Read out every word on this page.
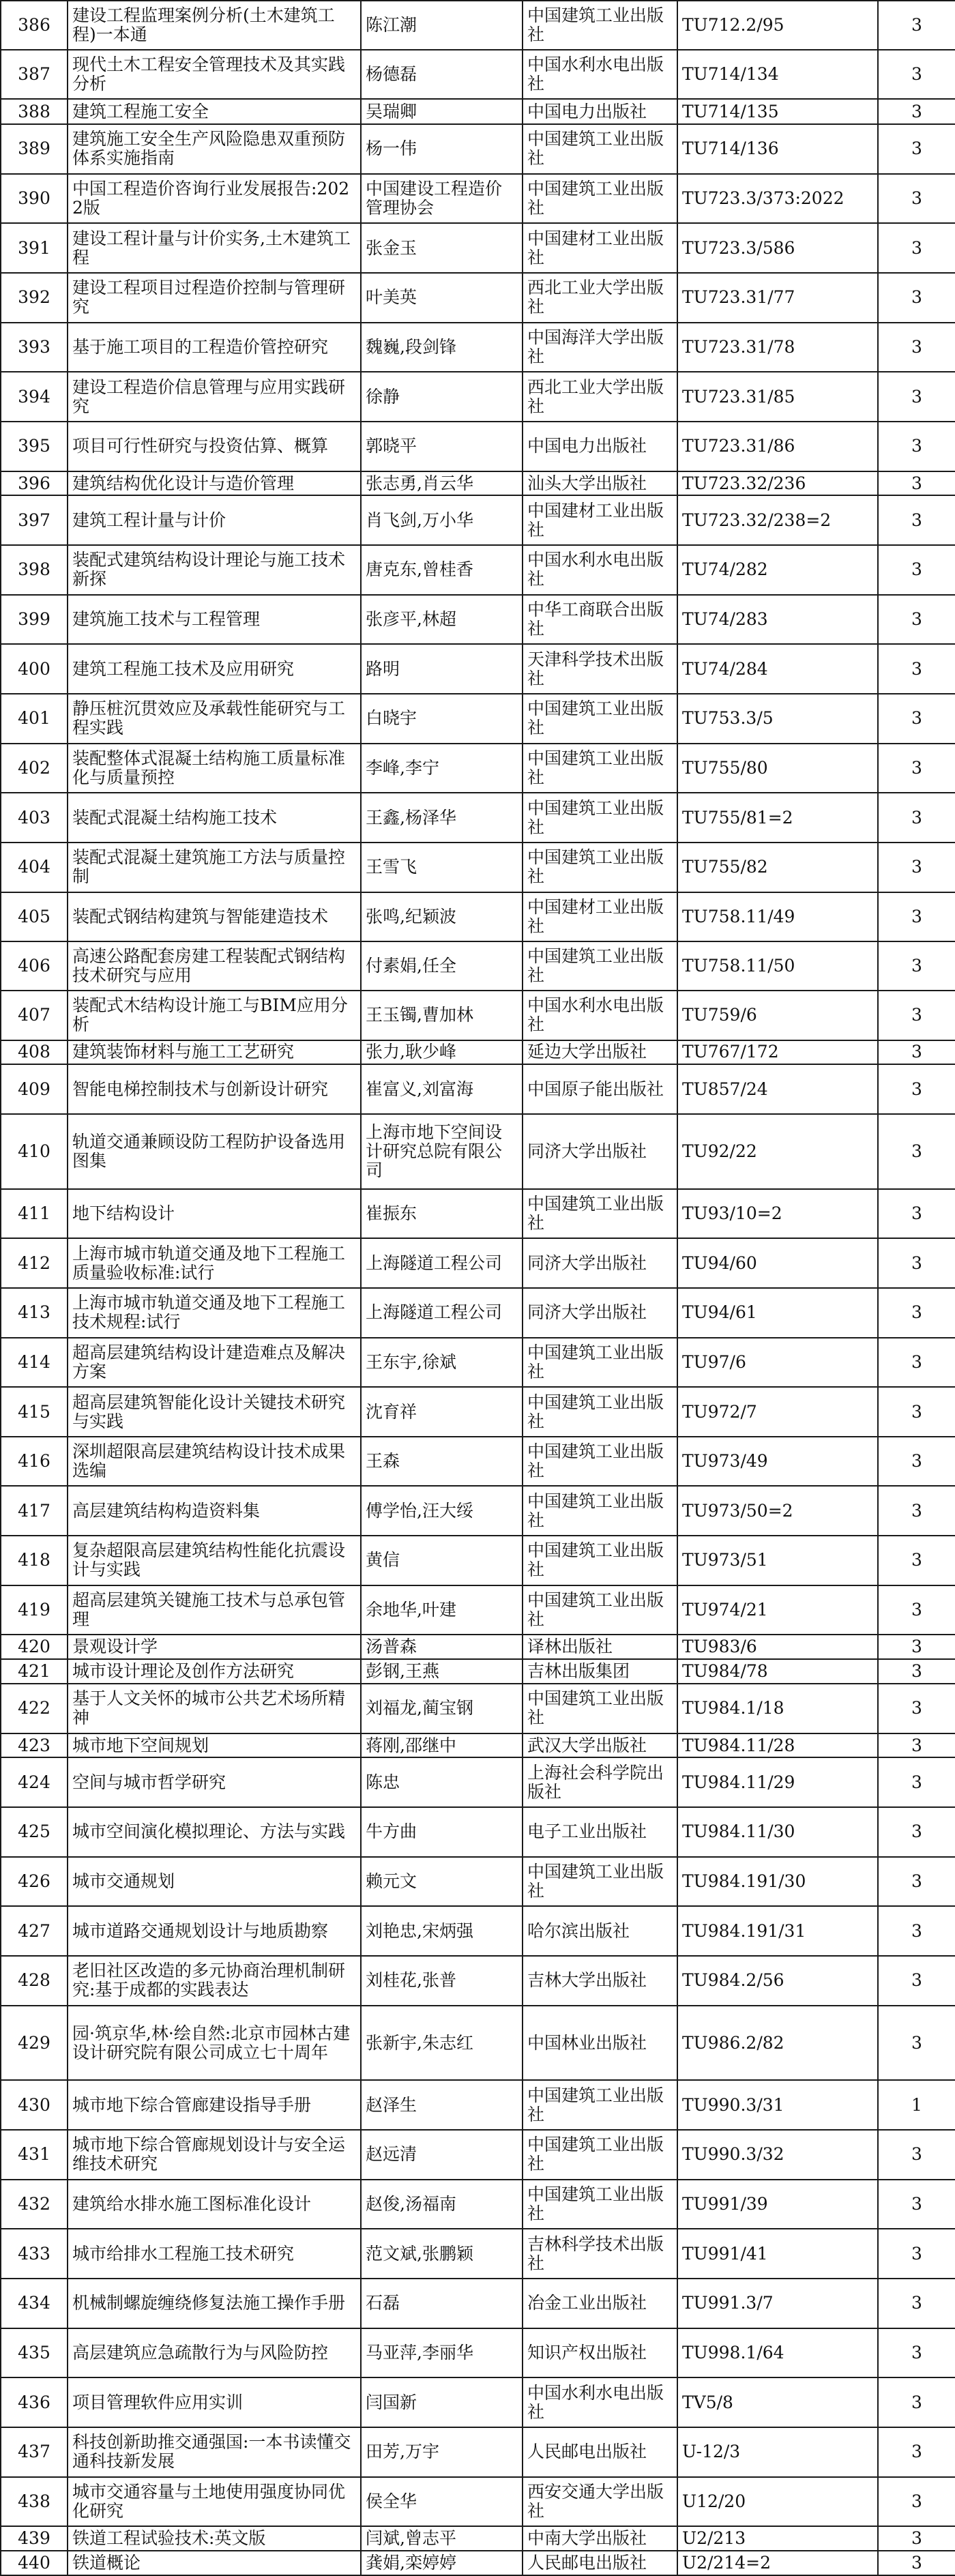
386	建设工程监理案例分析(土木建筑工程)一本通	陈江潮	中国建筑工业出版社	TU712.2/95	3
387	现代土木工程安全管理技术及其实践分析	杨德磊	中国水利水电出版社	TU714/134	3
388	建筑工程施工安全	吴瑞卿	中国电力出版社	TU714/135	3
389	建筑施工安全生产风险隐患双重预防体系实施指南	杨一伟	中国建筑工业出版社	TU714/136	3
390	中国工程造价咨询行业发展报告:2022版	中国建设工程造价管理协会	中国建筑工业出版社	TU723.3/373:2022	3
391	建设工程计量与计价实务,土木建筑工程	张金玉	中国建材工业出版社	TU723.3/586	3
392	建设工程项目过程造价控制与管理研究	叶美英	西北工业大学出版社	TU723.31/77	3
393	基于施工项目的工程造价管控研究	魏巍,段剑锋	中国海洋大学出版社	TU723.31/78	3
394	建设工程造价信息管理与应用实践研究	徐静	西北工业大学出版社	TU723.31/85	3
395	项目可行性研究与投资估算、概算	郭晓平	中国电力出版社	TU723.31/86	3
396	建筑结构优化设计与造价管理	张志勇,肖云华	汕头大学出版社	TU723.32/236	3
397	建筑工程计量与计价	肖飞剑,万小华	中国建材工业出版社	TU723.32/238=2	3
398	装配式建筑结构设计理论与施工技术新探	唐克东,曾桂香	中国水利水电出版社	TU74/282	3
399	建筑施工技术与工程管理	张彦平,林超	中华工商联合出版社	TU74/283	3
400	建筑工程施工技术及应用研究	路明	天津科学技术出版社	TU74/284	3
401	静压桩沉贯效应及承载性能研究与工程实践	白晓宇	中国建筑工业出版社	TU753.3/5	3
402	装配整体式混凝土结构施工质量标准化与质量预控	李峰,李宁	中国建筑工业出版社	TU755/80	3
403	装配式混凝土结构施工技术	王鑫,杨泽华	中国建筑工业出版社	TU755/81=2	3
404	装配式混凝土建筑施工方法与质量控制	王雪飞	中国建筑工业出版社	TU755/82	3
405	装配式钢结构建筑与智能建造技术	张鸣,纪颖波	中国建材工业出版社	TU758.11/49	3
406	高速公路配套房建工程装配式钢结构技术研究与应用	付素娟,任全	中国建筑工业出版社	TU758.11/50	3
407	装配式木结构设计施工与BIM应用分析	王玉镯,曹加林	中国水利水电出版社	TU759/6	3
408	建筑装饰材料与施工工艺研究	张力,耿少峰	延边大学出版社	TU767/172	3
409	智能电梯控制技术与创新设计研究	崔富义,刘富海	中国原子能出版社	TU857/24	3
410	轨道交通兼顾设防工程防护设备选用图集	上海市地下空间设计研究总院有限公司	同济大学出版社	TU92/22	3
411	地下结构设计	崔振东	中国建筑工业出版社	TU93/10=2	3
412	上海市城市轨道交通及地下工程施工质量验收标准:试行	上海隧道工程公司	同济大学出版社	TU94/60	3
413	上海市城市轨道交通及地下工程施工技术规程:试行	上海隧道工程公司	同济大学出版社	TU94/61	3
414	超高层建筑结构设计建造难点及解决方案	王东宇,徐斌	中国建筑工业出版社	TU97/6	3
415	超高层建筑智能化设计关键技术研究与实践	沈育祥	中国建筑工业出版社	TU972/7	3
416	深圳超限高层建筑结构设计技术成果选编	王森	中国建筑工业出版社	TU973/49	3
417	高层建筑结构构造资料集	傅学怡,汪大绥	中国建筑工业出版社	TU973/50=2	3
418	复杂超限高层建筑结构性能化抗震设计与实践	黄信	中国建筑工业出版社	TU973/51	3
419	超高层建筑关键施工技术与总承包管理	余地华,叶建	中国建筑工业出版社	TU974/21	3
420	景观设计学	汤普森	译林出版社	TU983/6	3
421	城市设计理论及创作方法研究	彭钢,王燕	吉林出版集团	TU984/78	3
422	基于人文关怀的城市公共艺术场所精神	刘福龙,蔺宝钢	中国建筑工业出版社	TU984.1/18	3
423	城市地下空间规划	蒋刚,邵继中	武汉大学出版社	TU984.11/28	3
424	空间与城市哲学研究	陈忠	上海社会科学院出版社	TU984.11/29	3
425	城市空间演化模拟理论、方法与实践	牛方曲	电子工业出版社	TU984.11/30	3
426	城市交通规划	赖元文	中国建筑工业出版社	TU984.191/30	3
427	城市道路交通规划设计与地质勘察	刘艳忠,宋炳强	哈尔滨出版社	TU984.191/31	3
428	老旧社区改造的多元协商治理机制研究:基于成都的实践表达	刘桂花,张普	吉林大学出版社	TU984.2/56	3
429	园·筑京华,林·绘自然:北京市园林古建设计研究院有限公司成立七十周年	张新宇,朱志红	中国林业出版社	TU986.2/82	3
430	城市地下综合管廊建设指导手册	赵泽生	中国建筑工业出版社	TU990.3/31	1
431	城市地下综合管廊规划设计与安全运维技术研究	赵远清	中国建筑工业出版社	TU990.3/32	3
432	建筑给水排水施工图标准化设计	赵俊,汤福南	中国建筑工业出版社	TU991/39	3
433	城市给排水工程施工技术研究	范文斌,张鹏颖	吉林科学技术出版社	TU991/41	3
434	机械制螺旋缠绕修复法施工操作手册	石磊	冶金工业出版社	TU991.3/7	3
435	高层建筑应急疏散行为与风险防控	马亚萍,李丽华	知识产权出版社	TU998.1/64	3
436	项目管理软件应用实训	闫国新	中国水利水电出版社	TV5/8	3
437	科技创新助推交通强国:一本书读懂交通科技新发展	田芳,万宇	人民邮电出版社	U-12/3	3
438	城市交通容量与土地使用强度协同优化研究	侯全华	西安交通大学出版社	U12/20	3
439	铁道工程试验技术:英文版	闫斌,曾志平	中南大学出版社	U2/213	3
440	铁道概论	龚娟,栾婷婷	人民邮电出版社	U2/214=2	3
